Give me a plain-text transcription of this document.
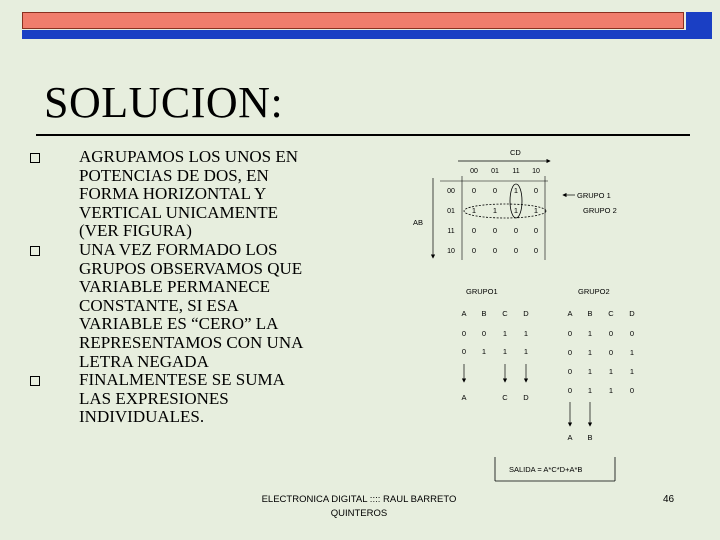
SOLUCION:
AGRUPAMOS LOS UNOS EN
POTENCIAS DE DOS, EN
FORMA HORIZONTAL Y
VERTICAL UNICAMENTE
(VER FIGURA)
UNA VEZ FORMADO LOS
GRUPOS OBSERVAMOS QUE
VARIABLE PERMANECE
CONSTANTE, SI ESA
VARIABLE ES “CERO” LA
REPRESENTAMOS CON UNA
LETRA NEGADA
FINALMENTESE SE SUMA
LAS EXPRESIONES
INDIVIDUALES.
CD
AB
00 01 11 10
00
01
11
10
0 0 1 0
1 1 1 1
0 0 0 0
0 0 0 0
GRUPO 1
GRUPO 2
GRUPO1
A B C D
0 0 1 1
0 1 1 1
A	C D
GRUPO2
A B C D
0 1 0 0
0 1 0 1
0 1 1 1
0 1 1 0
A B
SALIDA = A*C*D+A*B
ELECTRONICA DIGITAL :::: RAUL BARRETO
QUINTEROS
46
